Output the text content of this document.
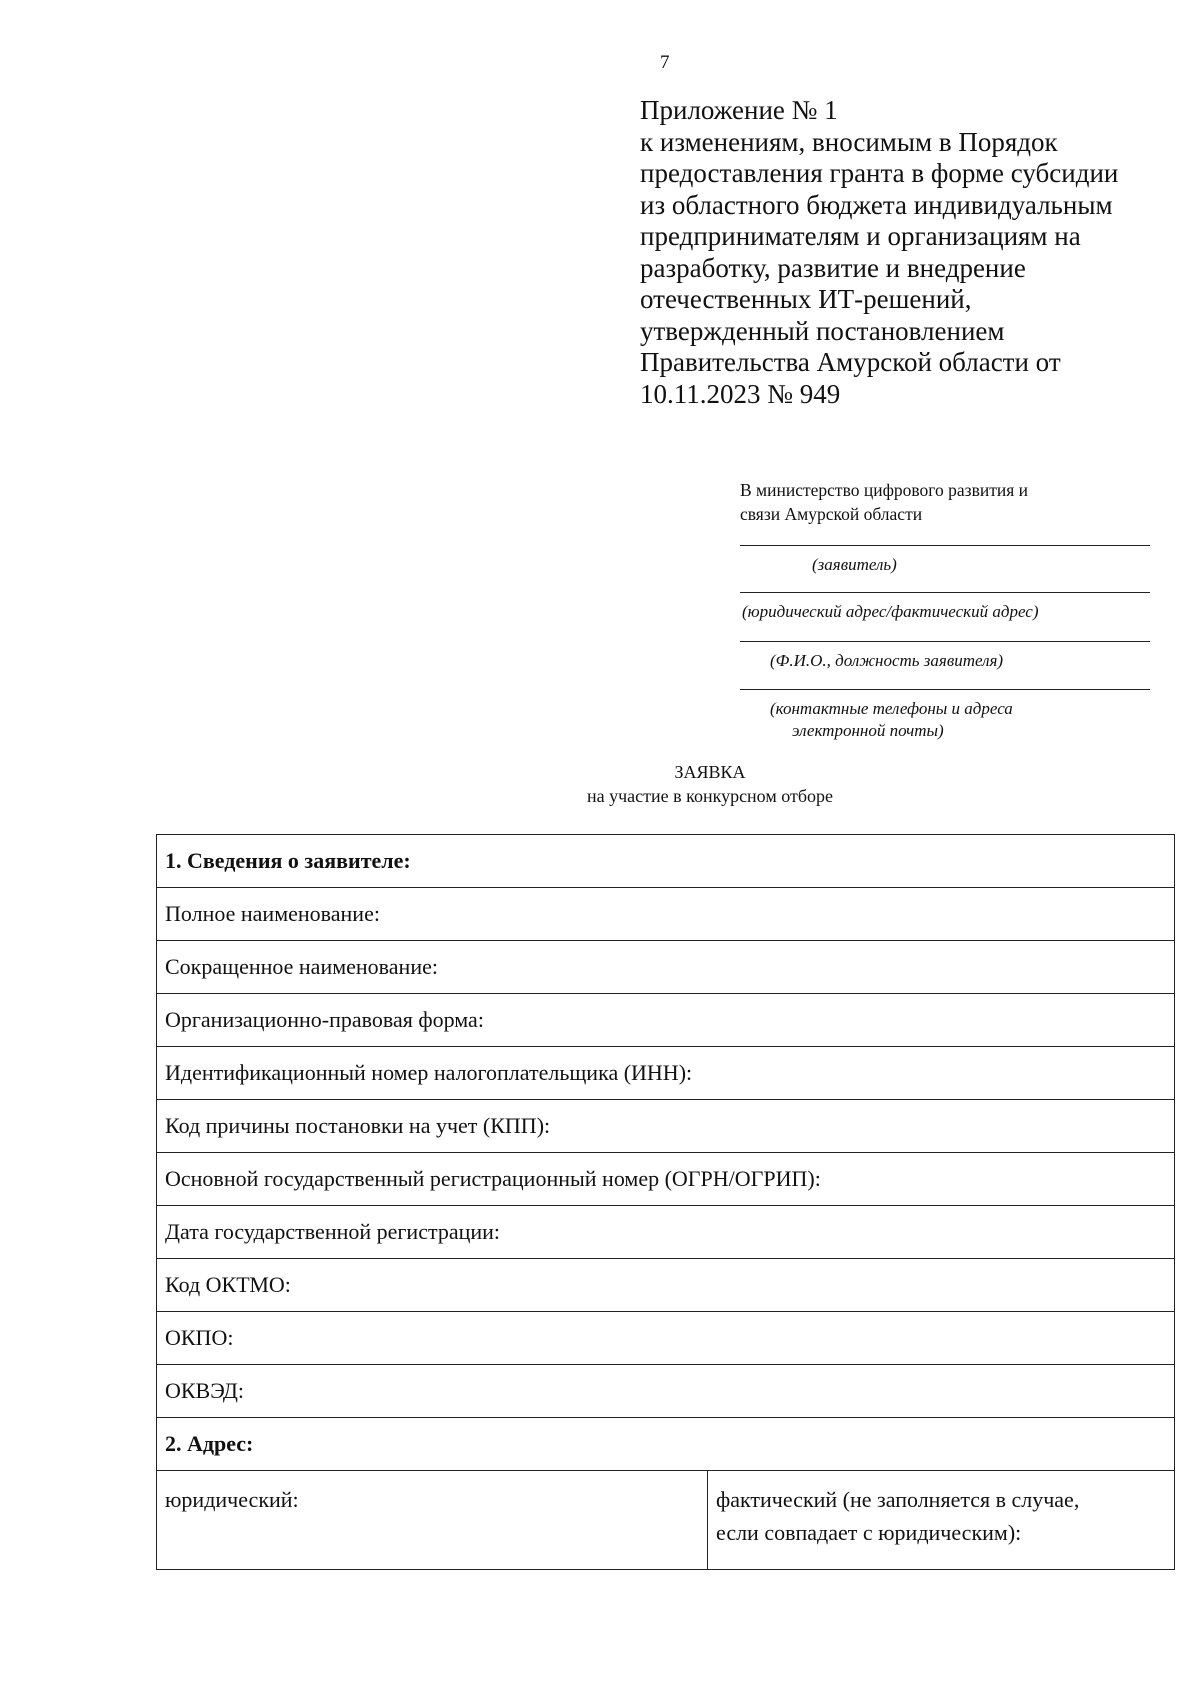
7
Приложение № 1
к изменениям, вносимым в Порядок
предоставления гранта в форме субсидии
из областного бюджета индивидуальным
предпринимателям и организациям на
разработку, развитие и внедрение
отечественных ИТ-решений,
утвержденный постановлением
Правительства Амурской области от
10.11.2023 № 949
В министерство цифрового развития и
связи Амурской области
(заявитель)
(юридический адрес/фактический адрес)
(Ф.И.О., должность заявителя)
(контактные телефоны и адреса
электронной почты)
ЗАЯВКА
на участие в конкурсном отборе
1. Сведения о заявителе:
Полное наименование:
Сокращенное наименование:
Организационно-правовая форма:
Идентификационный номер налогоплательщика (ИНН):
Код причины постановки на учет (КПП):
Основной государственный регистрационный номер (ОГРН/ОГРИП):
Дата государственной регистрации:
Код ОКТМО:
ОКПО:
ОКВЭД:
2. Адрес:
юридический:	фактический (не заполняется в случае,
если совпадает с юридическим):
